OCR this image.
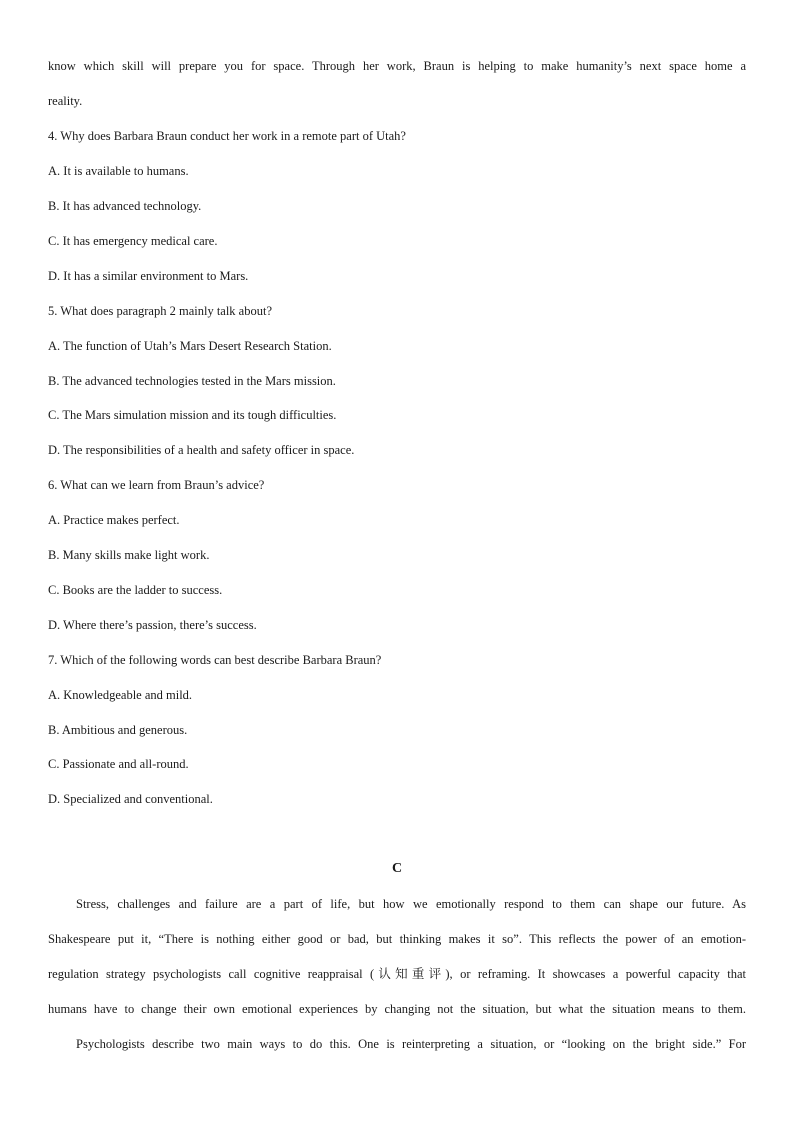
know which skill will prepare you for space. Through her work, Braun is helping to make humanity’s next space home a
reality.
4. Why does Barbara Braun conduct her work in a remote part of Utah?
A. It is available to humans.
B. It has advanced technology.
C. It has emergency medical care.
D. It has a similar environment to Mars.
5. What does paragraph 2 mainly talk about?
A. The function of Utah’s Mars Desert Research Station.
B. The advanced technologies tested in the Mars mission.
C. The Mars simulation mission and its tough difficulties.
D. The responsibilities of a health and safety officer in space.
6. What can we learn from Braun’s advice?
A. Practice makes perfect.
B. Many skills make light work.
C. Books are the ladder to success.
D. Where there’s passion, there’s success.
7. Which of the following words can best describe Barbara Braun?
A. Knowledgeable and mild.
B. Ambitious and generous.
C. Passionate and all-round.
D. Specialized and conventional.
C
Stress, challenges and failure are a part of life, but how we emotionally respond to them can shape our future. As
Shakespeare put it, “There is nothing either good or bad, but thinking makes it so”. This reflects the power of an emotion-
regulation strategy psychologists call cognitive reappraisal (认知重评), or reframing. It showcases a powerful capacity that
humans have to change their own emotional experiences by changing not the situation, but what the situation means to them.
Psychologists describe two main ways to do this. One is reinterpreting a situation, or “looking on the bright side.” For
